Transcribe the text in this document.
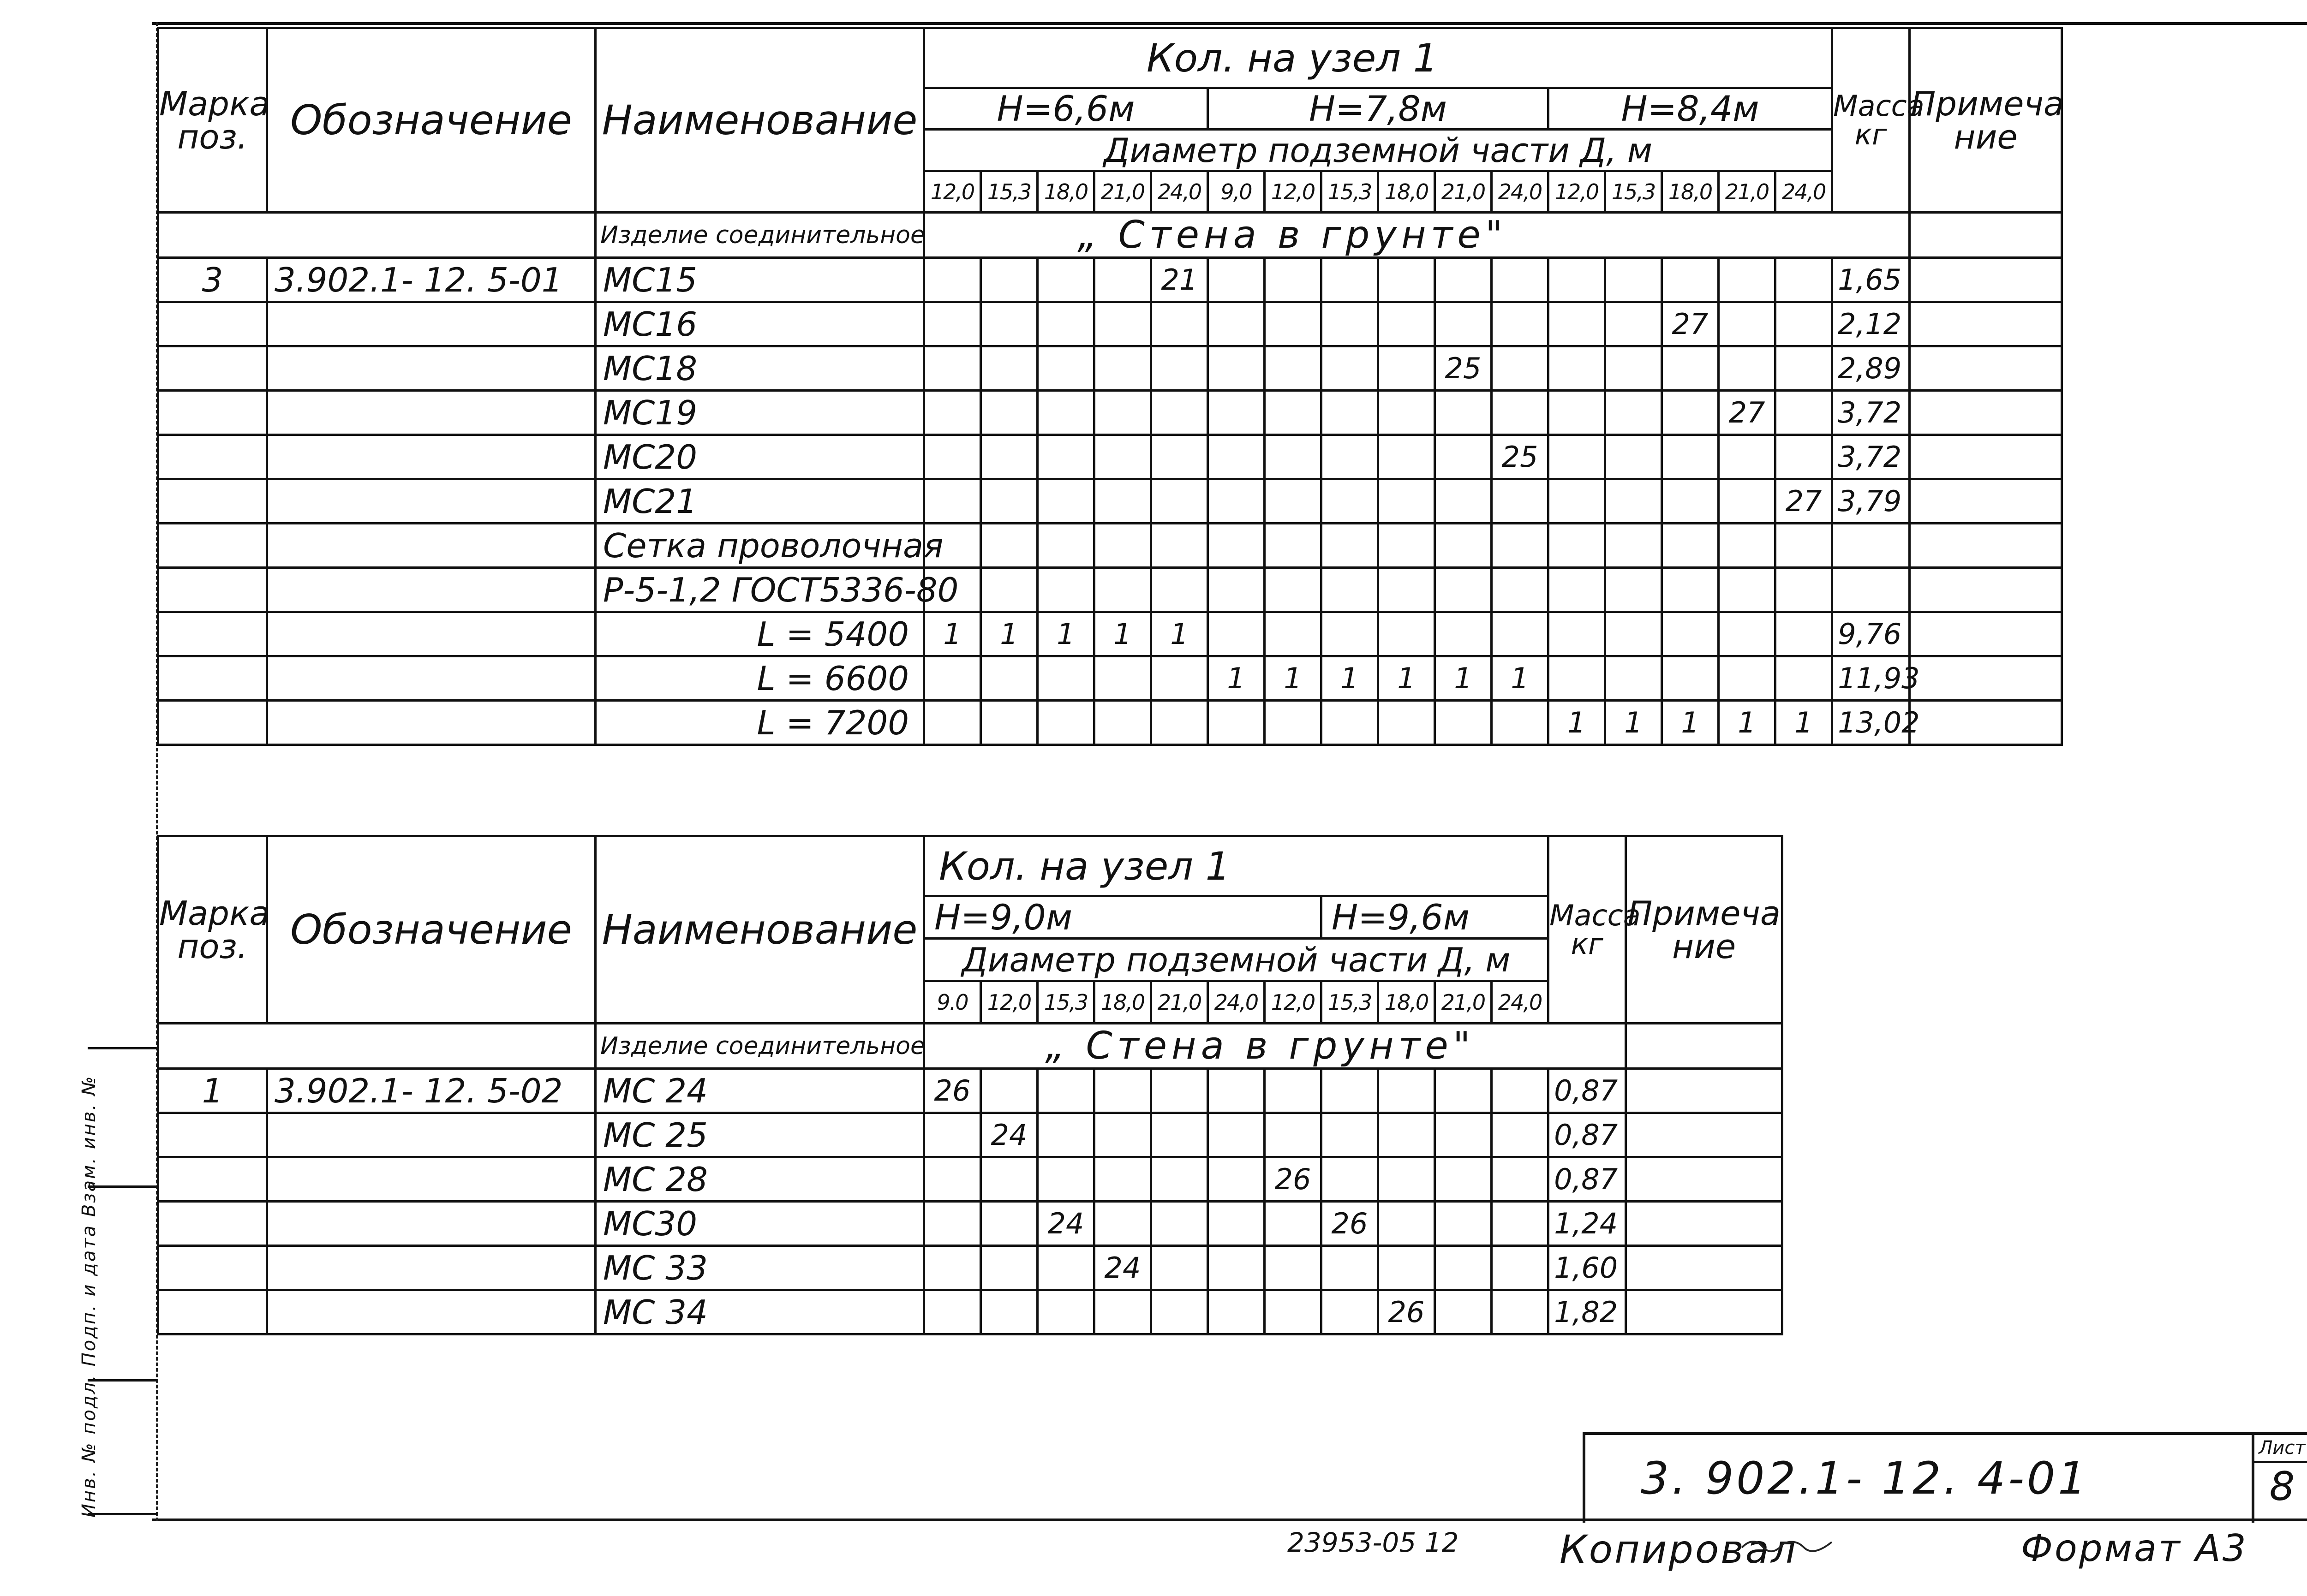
Марка поз.	Обозначение	Наименование	Кол. на узел 1																Масса кг	Примеча ние
			Н=6,6м					Н=7,8м						Н=8,4м						
			Диаметр подземной части Д, м																	
			12,0	15,3	18,0	21,0	24,0	9,0	12,0	15,3	18,0	21,0	24,0	12,0	15,3	18,0	21,0	24,0		
		Изделие соединительное	„ Стена в грунте"																	
3	3.902.1- 12. 5-01	МС15					21												1,65	
		МС16														27			2,12	
		МС18										25							2,89	
		МС19															27		3,72	
		МС20											25						3,72	
		МС21																27	3,79	
		Сетка проволочная																		
		Р-5-1,2 ГОСТ5336-80																		
		L = 5400	1	1	1	1	1												9,76	
		L = 6600						1	1	1	1	1	1						11,93	
		L = 7200												1	1	1	1	1	13,02	
Марка поз.	Обозначение	Наименование	Кол. на узел 1											Масса кг	Примеча ние
			Н=9,0м							Н=9,6м					
			Диаметр подземной части Д, м												
			9.0	12,0	15,3	18,0	21,0	24,0	12,0	15,3	18,0	21,0	24,0		
		Изделие соединительное	„ Стена в грунте"												
1	3.902.1- 12. 5-02	МС 24	26											0,87	
		МС 25		24										0,87	
		МС 28							26					0,87	
		МС30			24					26				1,24	
		МС 33				24								1,60	
		МС 34									26			1,82	
Инв. № подл. Подп. и дата Взам. инв. №	3. 902.1- 12. 4-01
Лист
8
23953-05 12	Копировал	Формат А3
